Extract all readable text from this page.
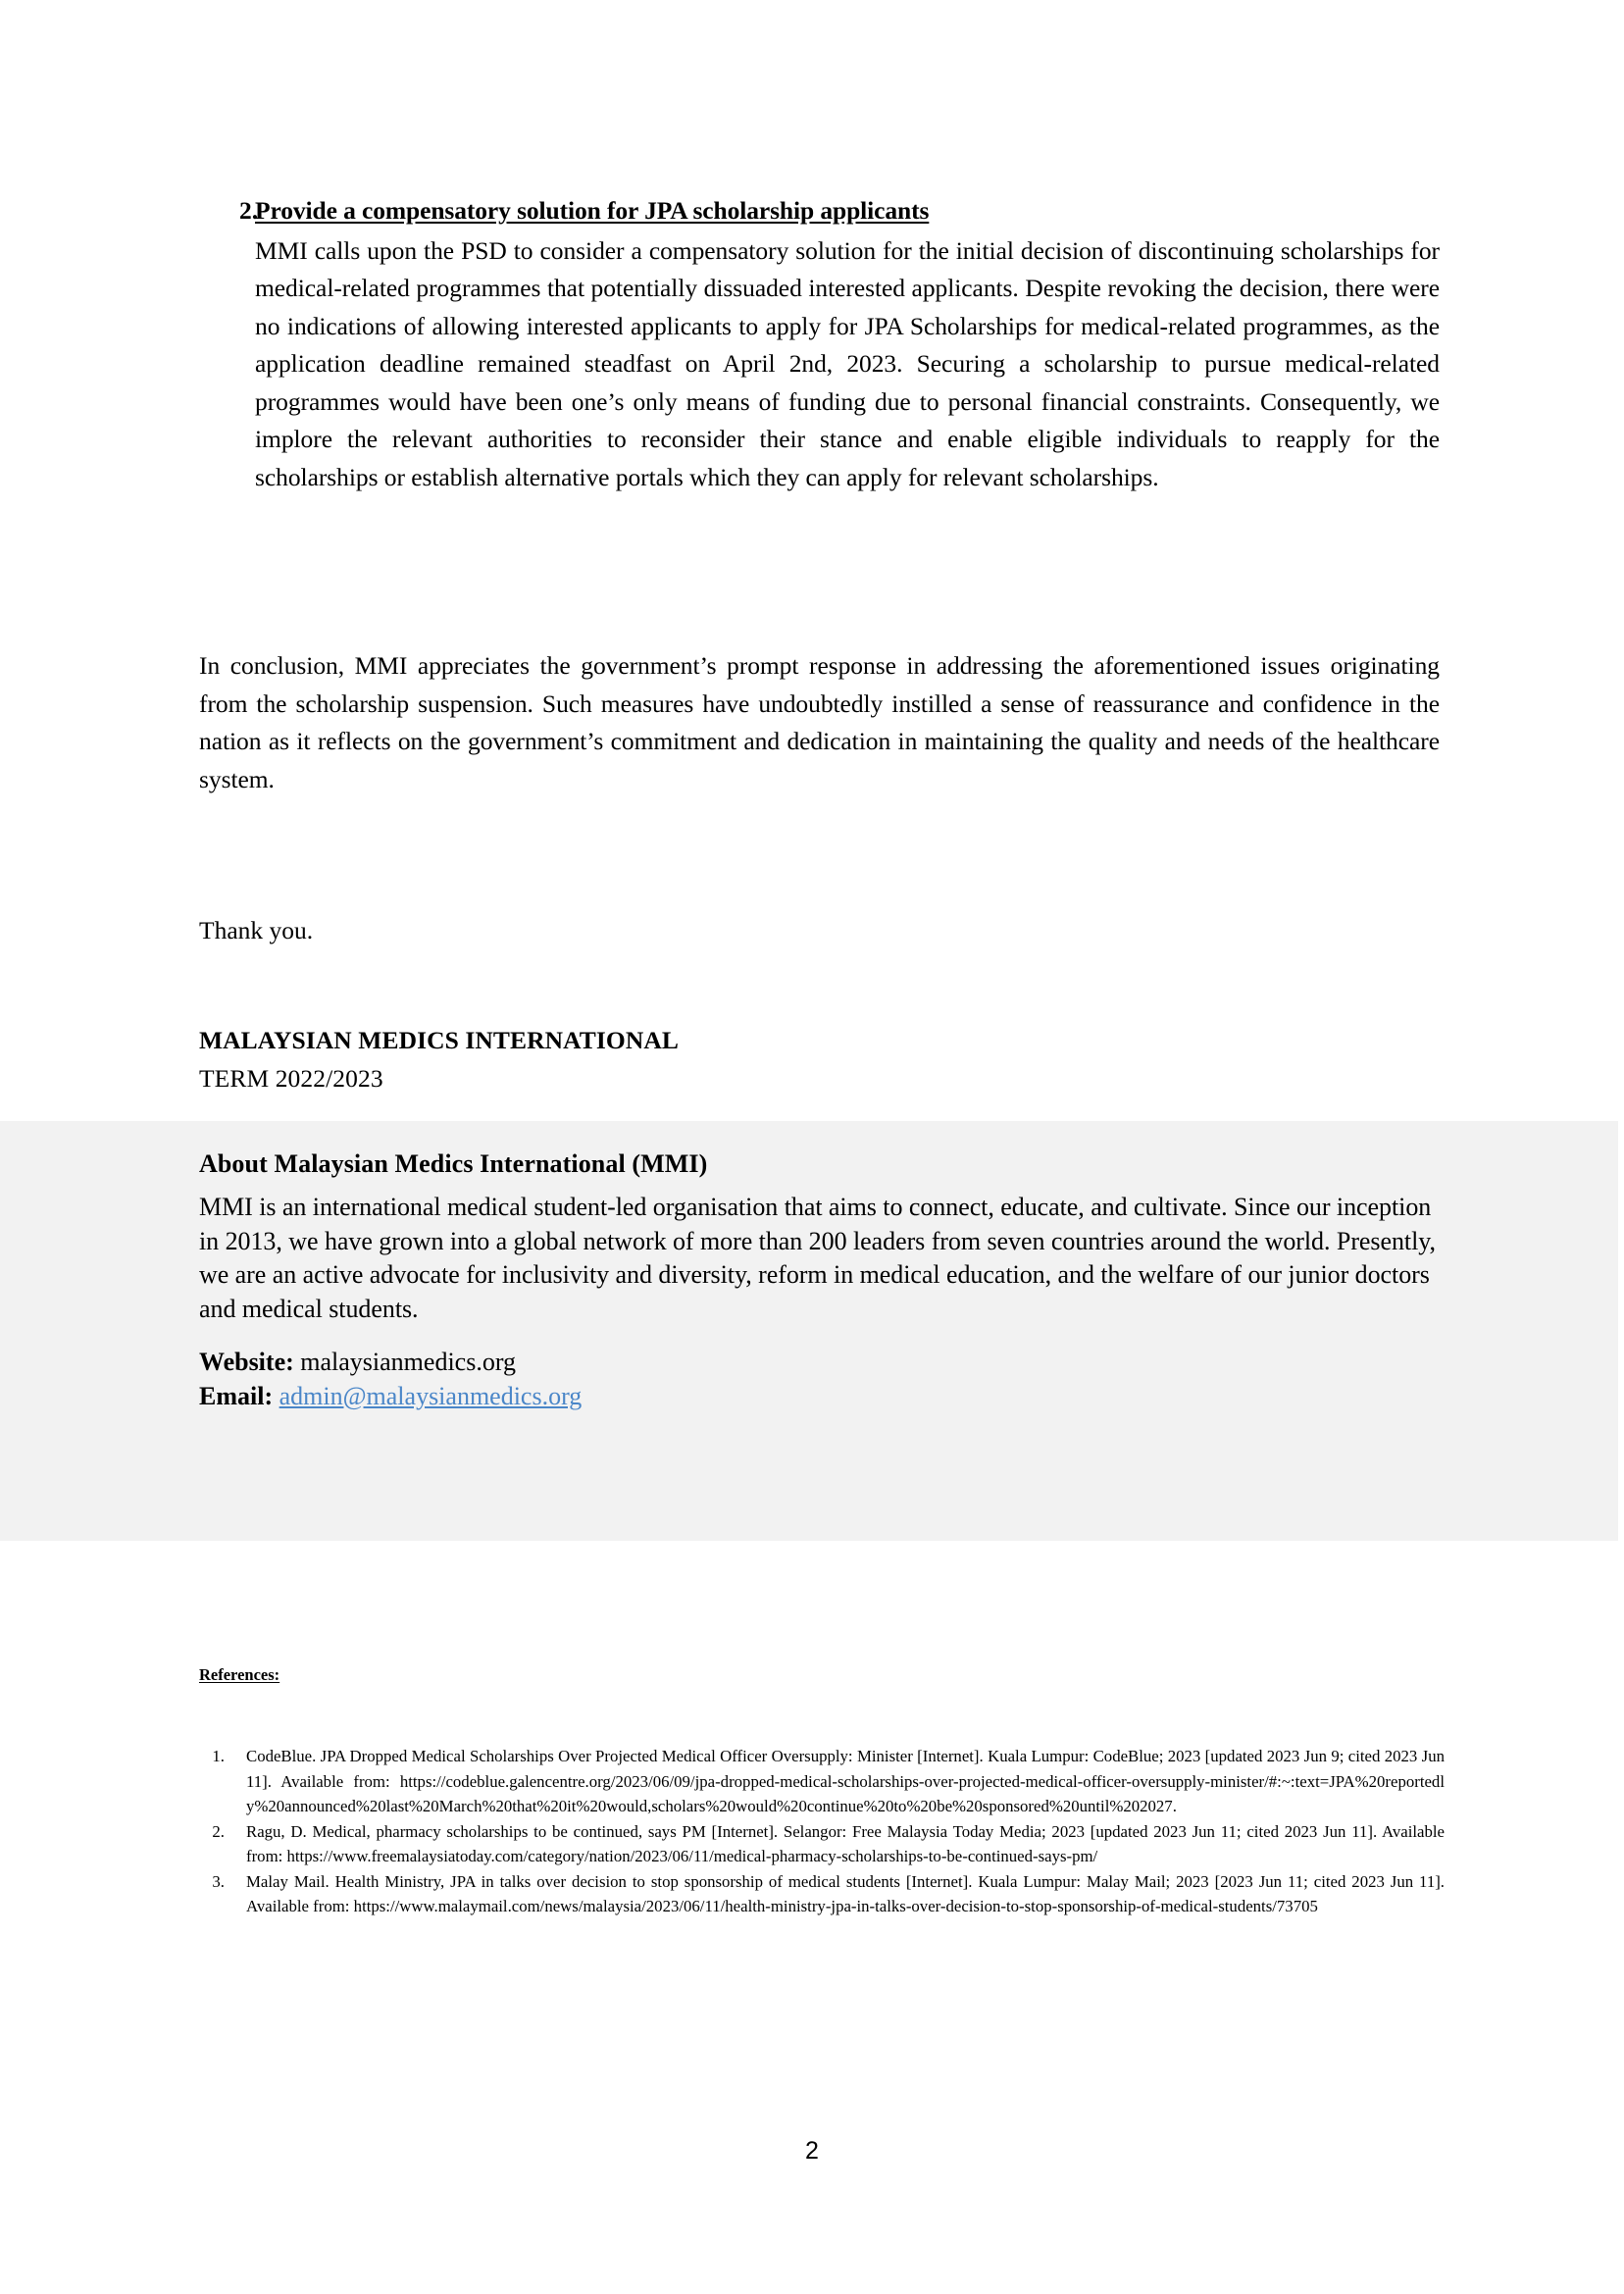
2.
Provide a compensatory solution for JPA scholarship applicants

MMI calls upon the PSD to consider a compensatory solution for the initial decision of discontinuing scholarships for medical-related programmes that potentially dissuaded interested applicants. Despite revoking the decision, there were no indications of allowing interested applicants to apply for JPA Scholarships for medical-related programmes, as the application deadline remained steadfast on April 2nd, 2023. Securing a scholarship to pursue medical-related programmes would have been one’s only means of funding due to personal financial constraints. Consequently, we implore the relevant authorities to reconsider their stance and enable eligible individuals to reapply for the scholarships or establish alternative portals which they can apply for relevant scholarships.

In conclusion, MMI appreciates the government’s prompt response in addressing the aforementioned issues originating from the scholarship suspension. Such measures have undoubtedly instilled a sense of reassurance and confidence in the nation as it reflects on the government’s commitment and dedication in maintaining the quality and needs of the healthcare system.
Thank you.
MALAYSIAN MEDICS INTERNATIONAL
TERM 2022/2023
About Malaysian Medics International (MMI)

MMI is an international medical student-led organisation that aims to connect, educate, and cultivate. Since our inception in 2013, we have grown into a global network of more than 200 leaders from seven countries around the world. Presently, we are an active advocate for inclusivity and diversity, reform in medical education, and the welfare of our junior doctors and medical students.

Website: malaysianmedics.org
Email: admin@malaysianmedics.org
References:
1.	CodeBlue. JPA Dropped Medical Scholarships Over Projected Medical Officer Oversupply: Minister [Internet]. Kuala Lumpur: CodeBlue; 2023 [updated 2023 Jun 9; cited 2023 Jun 11]. Available from: https://codeblue.galencentre.org/2023/06/09/jpa-dropped-medical-scholarships-over-projected-medical-officer-oversupply-minister/#:~:text=JPA%20reportedly%20announced%20last%20March%20that%20it%20would,scholars%20would%20continue%20to%20be%20sponsored%20until%202027.
2.	Ragu, D. Medical, pharmacy scholarships to be continued, says PM [Internet]. Selangor: Free Malaysia Today Media; 2023 [updated 2023 Jun 11; cited 2023 Jun 11]. Available from: https://www.freemalaysiatoday.com/category/nation/2023/06/11/medical-pharmacy-scholarships-to-be-continued-says-pm/
3.	Malay Mail. Health Ministry, JPA in talks over decision to stop sponsorship of medical students [Internet]. Kuala Lumpur: Malay Mail; 2023 [2023 Jun 11; cited 2023 Jun 11]. Available from: https://www.malaymail.com/news/malaysia/2023/06/11/health-ministry-jpa-in-talks-over-decision-to-stop-sponsorship-of-medical-students/73705
2
